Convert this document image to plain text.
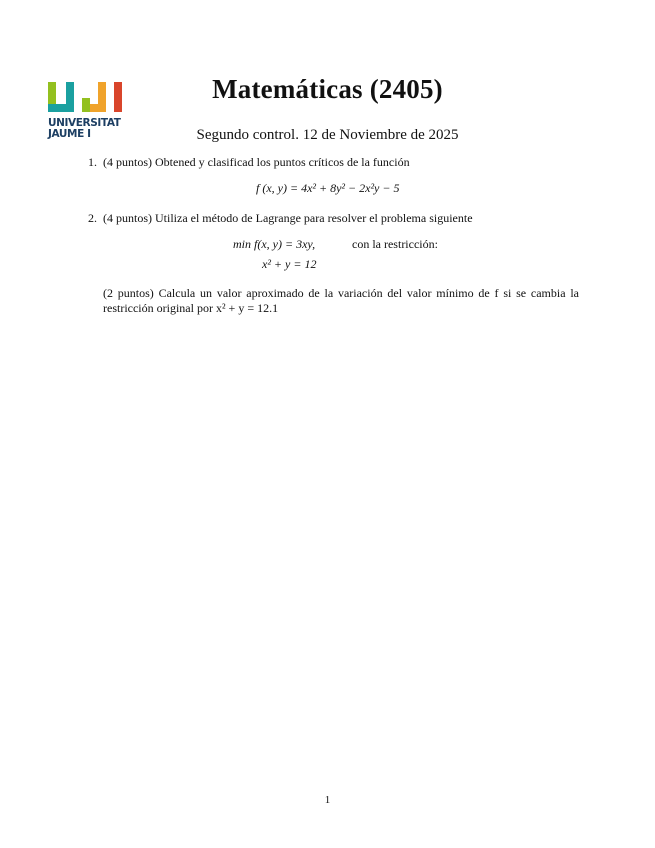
UNIVERSITAT
JAUME I
Matemáticas (2405)
Segundo control. 12 de Noviembre de 2025
1. (4 puntos) Obtened y clasificad los puntos críticos de la función
f (x, y) = 4x² + 8y² − 2x²y − 5
2. (4 puntos) Utiliza el método de Lagrange para resolver el problema siguiente
min f(x, y) = 3xy,	con la restricción:
x² + y = 12
(2 puntos) Calcula un valor aproximado de la variación del valor mínimo de f si se cambia la restricción original por x² + y = 12.1
1
